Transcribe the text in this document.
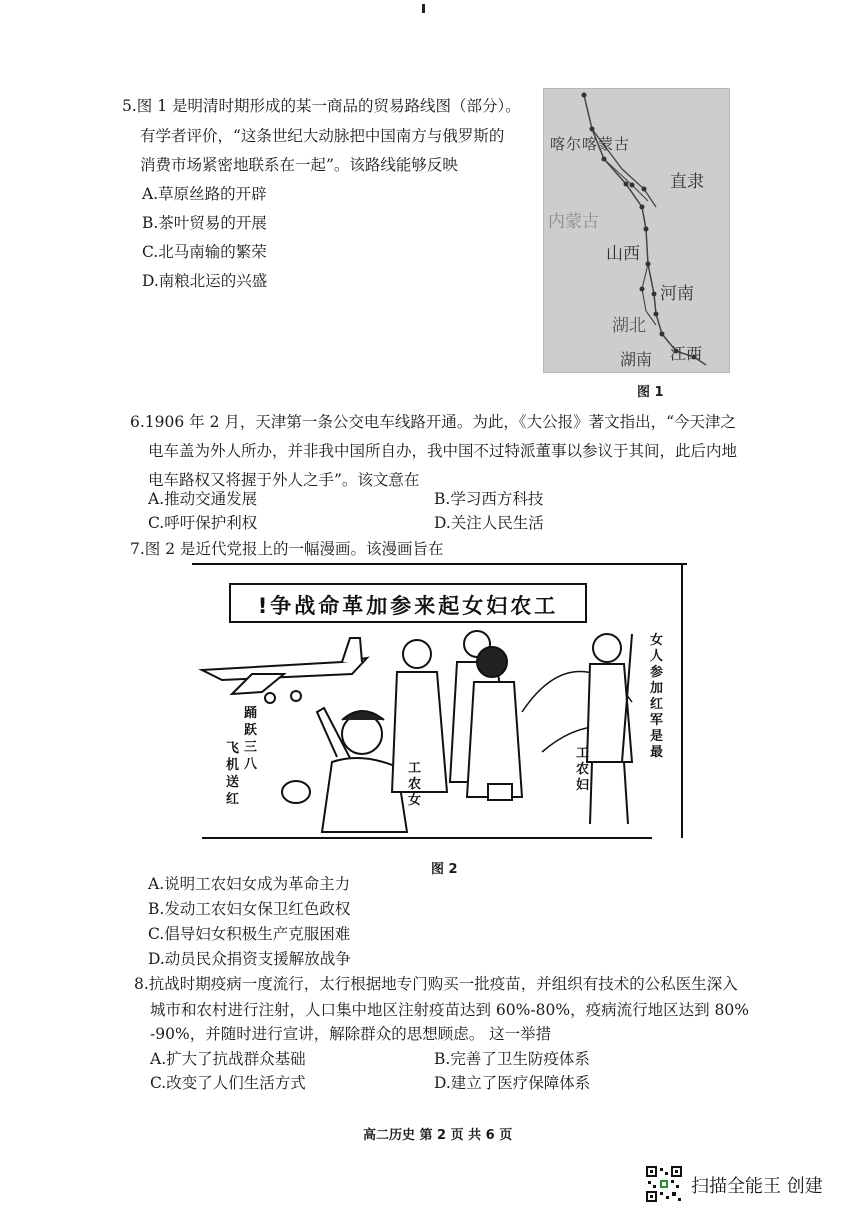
5.图 1 是明清时期形成的某一商品的贸易路线图（部分）。
有学者评价，“这条世纪大动脉把中国南方与俄罗斯的
消费市场紧密地联系在一起”。该路线能够反映
A.草原丝路的开辟
B.茶叶贸易的开展
C.北马南输的繁荣
D.南粮北运的兴盛
喀尔喀蒙古
直隶
内蒙古
山西
河南
湖北
湖南 江西
图 1
6.1906 年 2 月，天津第一条公交电车线路开通。为此，《大公报》著文指出，“今天津之
电车盖为外人所办，并非我中国所自办，我中国不过特派董事以参议于其间，此后内地
电车路权又将握于外人之手”。该文意在
A.推动交通发展	B.学习西方科技
C.呼吁保护利权	D.关注人民生活
7.图 2 是近代党报上的一幅漫画。该漫画旨在
踊
跃
三
八
飞
机
送
红
工
农
女
工
农
妇
女
人
参
加
红
军
是
最
!争战命革加参来起女妇农工
图 2
A.说明工农妇女成为革命主力
B.发动工农妇女保卫红色政权
C.倡导妇女积极生产克服困难
D.动员民众捐资支援解放战争
8.抗战时期疫病一度流行，太行根据地专门购买一批疫苗，并组织有技术的公私医生深入
城市和农村进行注射，人口集中地区注射疫苗达到 60%-80%，疫病流行地区达到 80%
-90%，并随时进行宣讲，解除群众的思想顾虑。 这一举措
A.扩大了抗战群众基础	B.完善了卫生防疫体系
C.改变了人们生活方式	D.建立了医疗保障体系
高二历史 第 2 页 共 6 页
扫描全能王 创建
